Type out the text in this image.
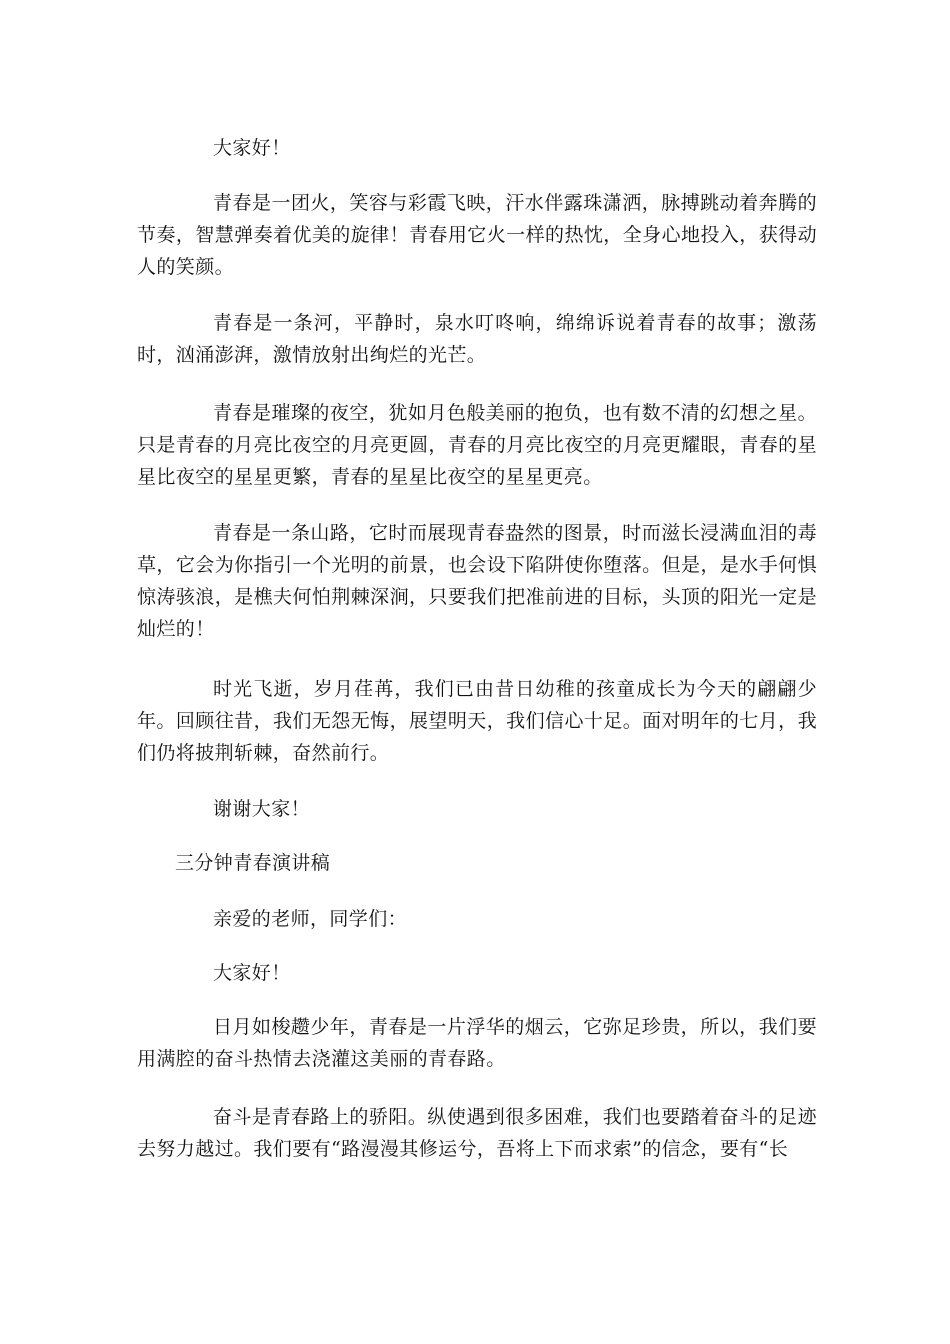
大家好！

青春是一团火，笑容与彩霞飞映，汗水伴露珠潇洒，脉搏跳动着奔腾的节奏，智慧弹奏着优美的旋律！青春用它火一样的热忱，全身心地投入，获得动人的笑颜。

青春是一条河，平静时，泉水叮咚响，绵绵诉说着青春的故事；激荡时，汹涌澎湃，激情放射出绚烂的光芒。

青春是璀璨的夜空，犹如月色般美丽的抱负，也有数不清的幻想之星。只是青春的月亮比夜空的月亮更圆，青春的月亮比夜空的月亮更耀眼，青春的星星比夜空的星星更繁，青春的星星比夜空的星星更亮。

青春是一条山路，它时而展现青春盎然的图景，时而滋长浸满血泪的毒草，它会为你指引一个光明的前景，也会设下陷阱使你堕落。但是，是水手何惧惊涛骇浪，是樵夫何怕荆棘深涧，只要我们把准前进的目标，头顶的阳光一定是灿烂的！

时光飞逝，岁月荏苒，我们已由昔日幼稚的孩童成长为今天的翩翩少年。回顾往昔，我们无怨无悔，展望明天，我们信心十足。面对明年的七月，我们仍将披荆斩棘，奋然前行。

谢谢大家！

三分钟青春演讲稿

亲爱的老师，同学们：

大家好！

日月如梭趱少年，青春是一片浮华的烟云，它弥足珍贵，所以，我们要用满腔的奋斗热情去浇灌这美丽的青春路。

奋斗是青春路上的骄阳。纵使遇到很多困难，我们也要踏着奋斗的足迹去努力越过。我们要有“路漫漫其修运兮，吾将上下而求索”的信念，要有“长
